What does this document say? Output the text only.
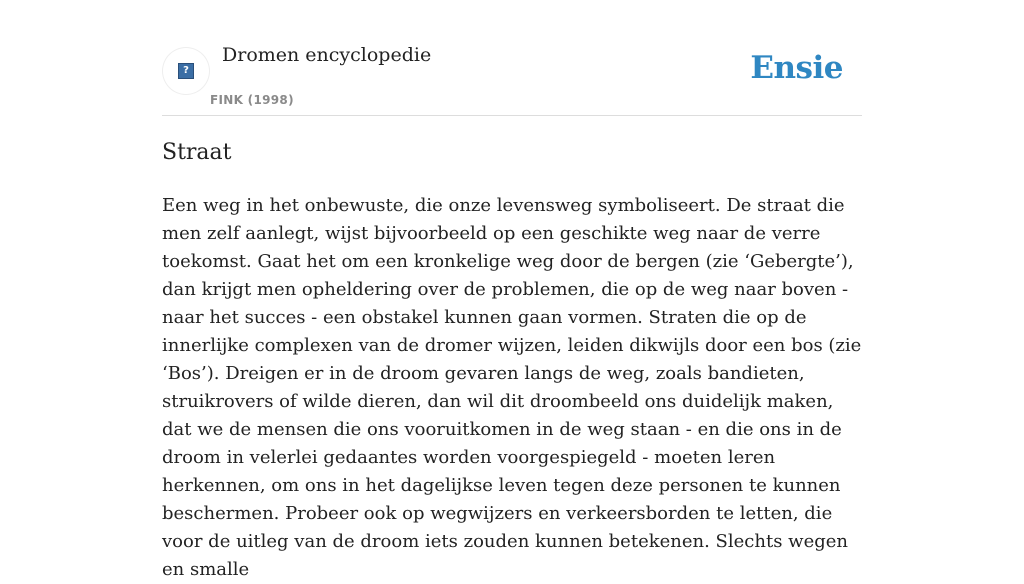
?
Dromen encyclopedie
FINK (1998)
Ensie
Straat

Een weg in het onbewuste, die onze levensweg symboliseert. De straat die men zelf aanlegt, wijst bijvoorbeeld op een geschikte weg naar de verre toekomst. Gaat het om een kronkelige weg door de bergen (zie ‘Gebergte’), dan krijgt men opheldering over de problemen, die op de weg naar boven - naar het succes - een obstakel kunnen gaan vormen. Straten die op de innerlijke complexen van de dromer wijzen, leiden dikwijls door een bos (zie ‘Bos’). Dreigen er in de droom gevaren langs de weg, zoals bandieten, struikrovers of wilde dieren, dan wil dit droombeeld ons duidelijk maken, dat we de mensen die ons vooruitkomen in de weg staan - en die ons in de droom in velerlei gedaantes worden voorgespiegeld - moeten leren herkennen, om ons in het dagelijkse leven tegen deze personen te kunnen beschermen. Probeer ook op wegwijzers en verkeersborden te letten, die voor de uitleg van de droom iets zouden kunnen betekenen. Slechts wegen en smalle
